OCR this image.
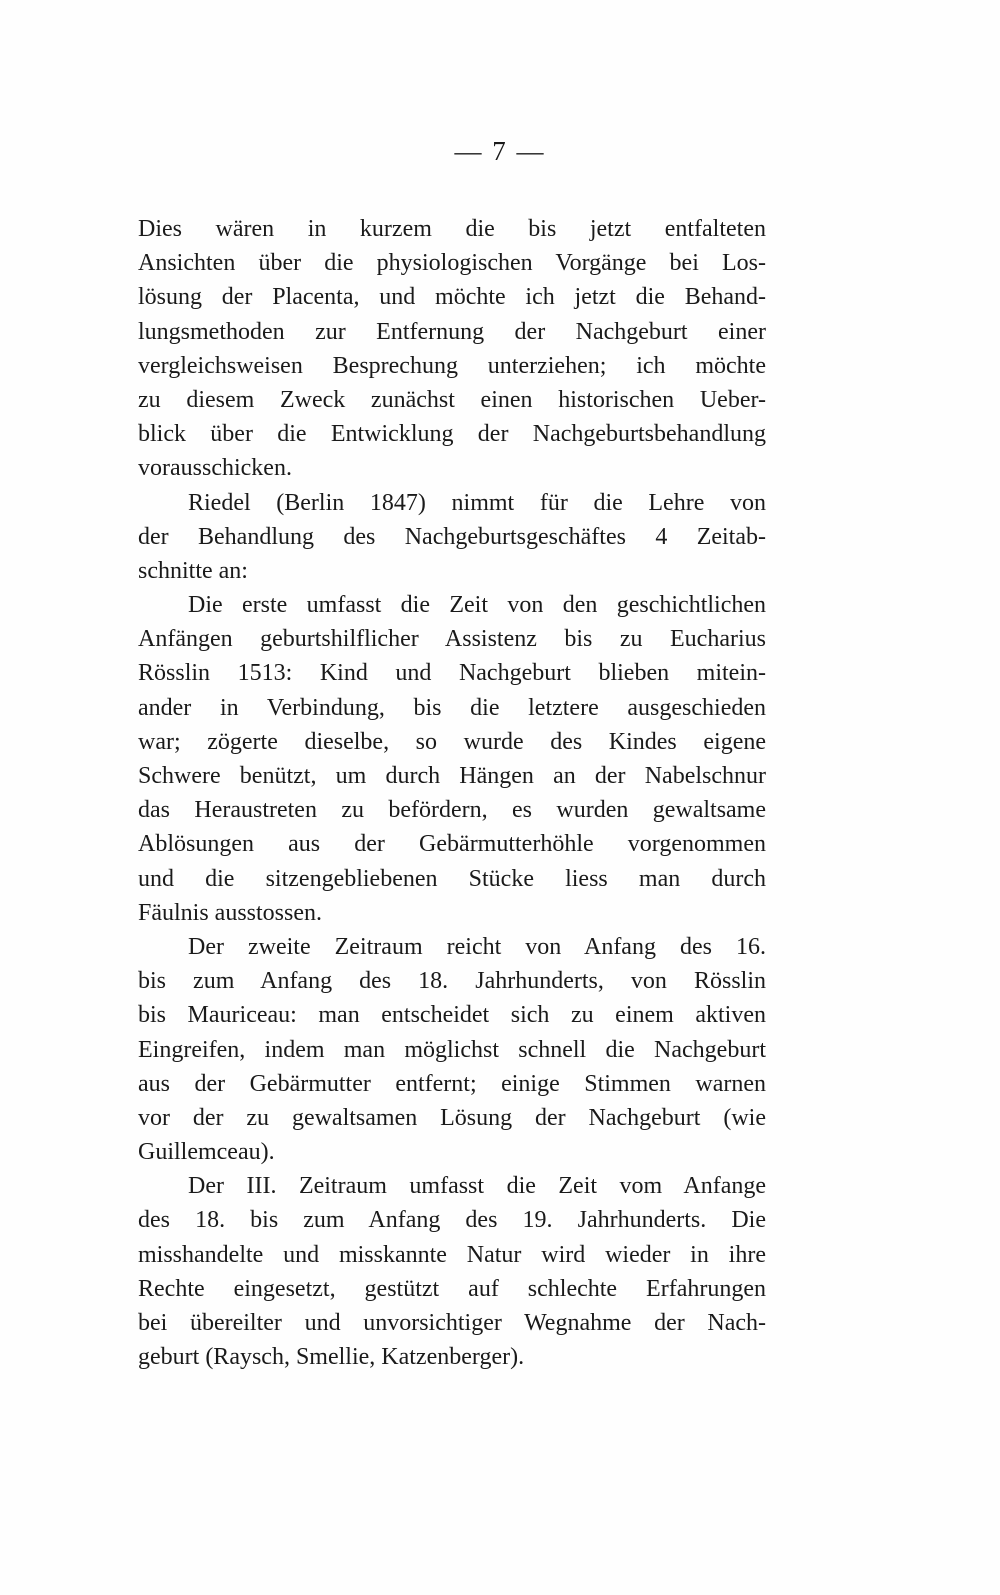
— 7 —
Dies wären in kurzem die bis jetzt entfalteten
Ansichten über die physiologischen Vorgänge bei Los-
lösung der Placenta, und möchte ich jetzt die Behand-
lungsmethoden zur Entfernung der Nachgeburt einer
vergleichsweisen Besprechung unterziehen; ich möchte
zu diesem Zweck zunächst einen historischen Ueber-
blick über die Entwicklung der Nachgeburtsbehandlung
vorausschicken.
Riedel (Berlin 1847) nimmt für die Lehre von
der Behandlung des Nachgeburtsgeschäftes 4 Zeitab-
schnitte an:
Die erste umfasst die Zeit von den geschichtlichen
Anfängen geburtshilflicher Assistenz bis zu Eucharius
Rösslin 1513: Kind und Nachgeburt blieben mitein-
ander in Verbindung, bis die letztere ausgeschieden
war; zögerte dieselbe, so wurde des Kindes eigene
Schwere benützt, um durch Hängen an der Nabelschnur
das Heraustreten zu befördern, es wurden gewaltsame
Ablösungen aus der Gebärmutterhöhle vorgenommen
und die sitzengebliebenen Stücke liess man durch
Fäulnis ausstossen.
Der zweite Zeitraum reicht von Anfang des 16.
bis zum Anfang des 18. Jahrhunderts, von Rösslin
bis Mauriceau: man entscheidet sich zu einem aktiven
Eingreifen, indem man möglichst schnell die Nachgeburt
aus der Gebärmutter entfernt; einige Stimmen warnen
vor der zu gewaltsamen Lösung der Nachgeburt (wie
Guillemceau).
Der III. Zeitraum umfasst die Zeit vom Anfange
des 18. bis zum Anfang des 19. Jahrhunderts. Die
misshandelte und misskannte Natur wird wieder in ihre
Rechte eingesetzt, gestützt auf schlechte Erfahrungen
bei übereilter und unvorsichtiger Wegnahme der Nach-
geburt (Raysch, Smellie, Katzenberger).
